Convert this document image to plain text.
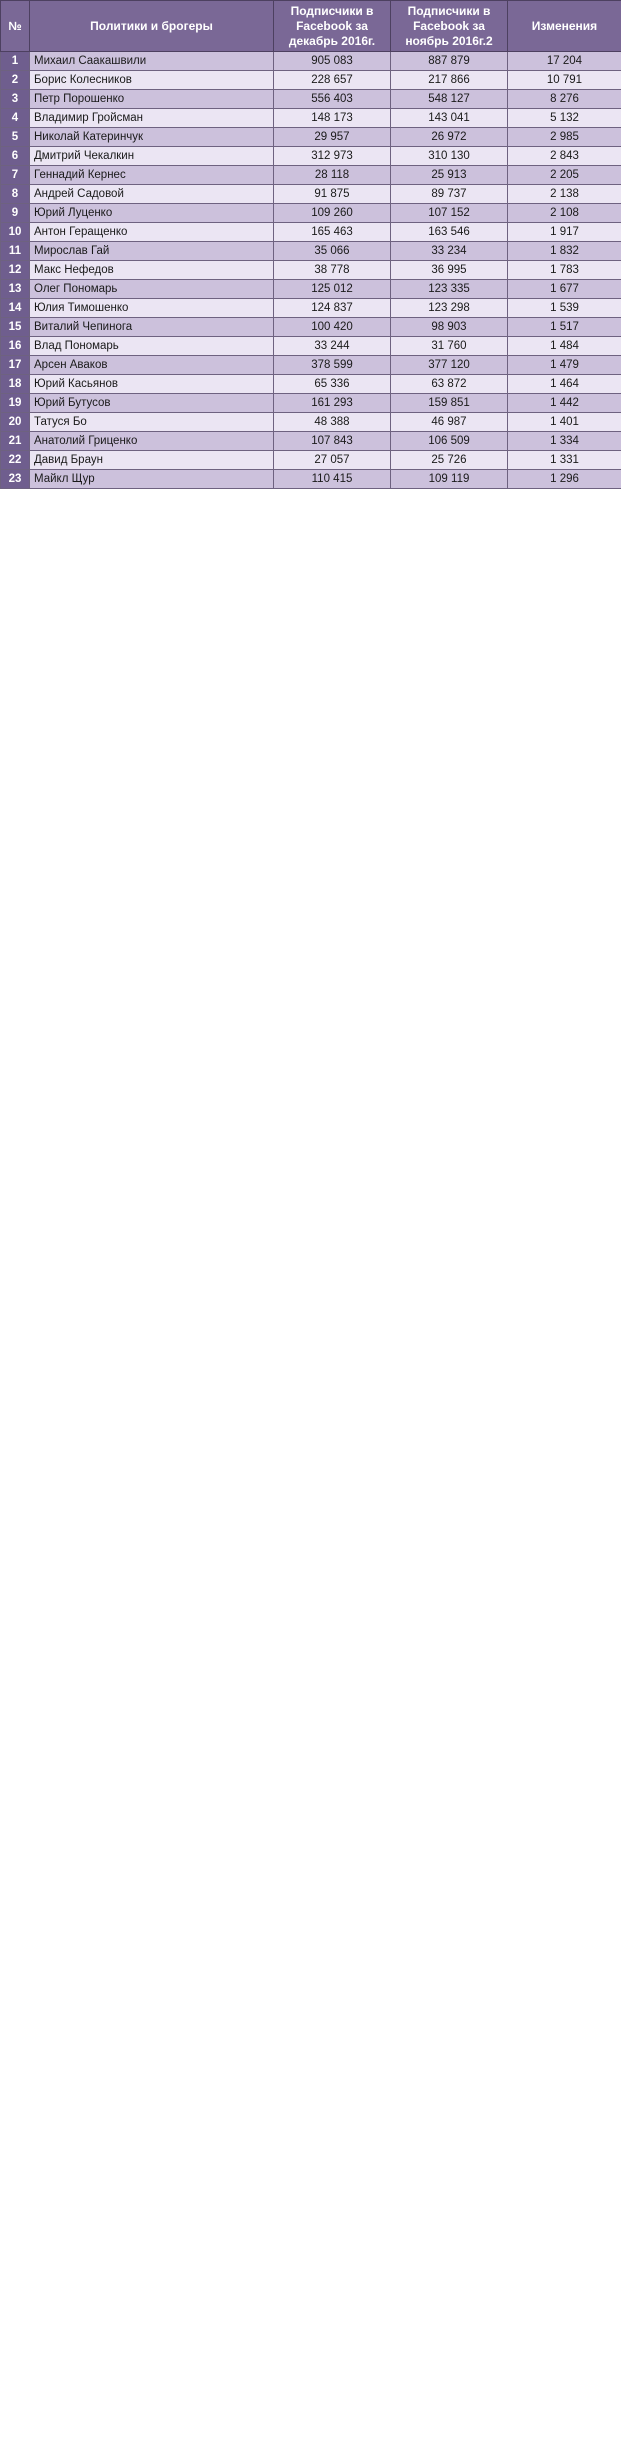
№	Политики и брогеры	Подписчики в Facebook за декабрь 2016г.	Подписчики в Facebook за ноябрь 2016г.2	Изменения
1	Михаил Саакашвили	905 083	887 879	17 204
2	Борис Колесников	228 657	217 866	10 791
3	Петр Порошенко	556 403	548 127	8 276
4	Владимир Гройсман	148 173	143 041	5 132
5	Николай Катеринчук	29 957	26 972	2 985
6	Дмитрий Чекалкин	312 973	310 130	2 843
7	Геннадий Кернес	28 118	25 913	2 205
8	Андрей Садовой	91 875	89 737	2 138
9	Юрий Луценко	109 260	107 152	2 108
10	Антон Геращенко	165 463	163 546	1 917
11	Мирослав Гай	35 066	33 234	1 832
12	Макс Нефедов	38 778	36 995	1 783
13	Олег Пономарь	125 012	123 335	1 677
14	Юлия Тимошенко	124 837	123 298	1 539
15	Виталий Чепинога	100 420	98 903	1 517
16	Влад Пономарь	33 244	31 760	1 484
17	Арсен Аваков	378 599	377 120	1 479
18	Юрий Касьянов	65 336	63 872	1 464
19	Юрий Бутусов	161 293	159 851	1 442
20	Татуся Бо	48 388	46 987	1 401
21	Анатолий Гриценко	107 843	106 509	1 334
22	Давид Браун	27 057	25 726	1 331
23	Майкл Щур	110 415	109 119	1 296
